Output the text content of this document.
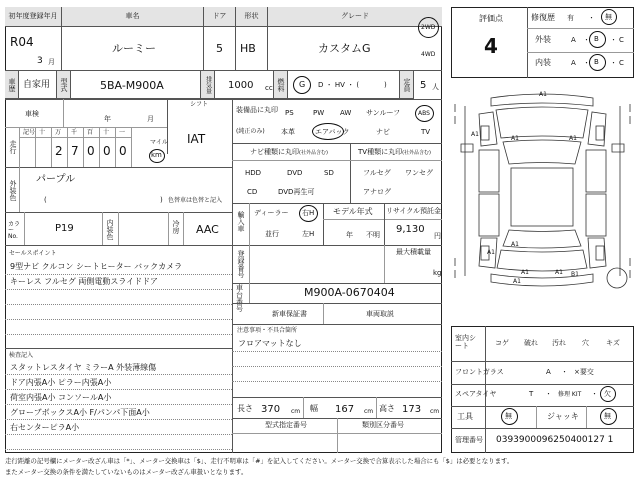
初年度登録年月	車名	ドア	形状	グレード
R04
3 月
ルーミー	5 HB	カスタムG
2WD
4WD
車歴 自家用 型式	5BA-M900A	排気量 1000 cc 燃料 G D ・ HV ・ (	) 定員 5 人
車検
年	月
シフト
IAT
走行
記号 十 万 千 百 十 一
2 7 0 0 0
マイル
km
外装色
パープル
(	) 色替車は色替と記入
カラーNo.
P19	内装色	冷房 AAC
セールスポイント
9型ナビ クルコン シートヒーター バックカメラ
キーレス フルセグ 両側電動スライドドア
検査記入
スタットレスタイヤ ミラーA 外装薄線傷
ドア内張A小 ピラー内張A小
荷室内張A小 コンソールA小
グローブボックスA小 F/パンパ下面A小
右センターピラA小
装備品に丸印
(純正のみ)
PS	PW AW サンルーフ	ABS
本革	エアバック	ナビ	TV
ナビ種類に丸印(社外品含む)
HDD	DVD	SD
CD	DVD再生可
TV種類に丸印(社外品含む)
フルセグ ワンセグ
アナログ
輸入車 ディーラー 右H
並行	左H
モデル年式
年 不明
リサイクル預託金
9,130
円
登録番号	最大積載量
kg
車台番号
M900A-0670404
新車保証書	車両取説
注意事項・不具合箇所
フロアマットなし
長さ 370 cm 幅 167 cm 高さ 173 cm
型式指定番号	類別区分番号
評価点
4
修復歴 有 ・ 無
外装	A ・ B ・ C
内装	A ・ B ・ C
A1
A1
A1	A1
A1
A1
A1	A1
A1
B1
室内シート	コゲ 破れ 汚れ 穴 キズ
フロントガラス	A ・ ×要交
スペアタイヤ	T ・ 修理 KIT ・ 欠
工具	無	ジャッキ	無
管理番号 0393900096250400127 1
走行距離の記号欄にメーター改ざん車は「*」、メーター交換車は「$」、走行不明車は「#」を記入してください。メーター交換で合算表示した場合にも「$」は必要となります。
またメーター交換の条件を満たしていないものはメーター改ざん車扱いとなります。
